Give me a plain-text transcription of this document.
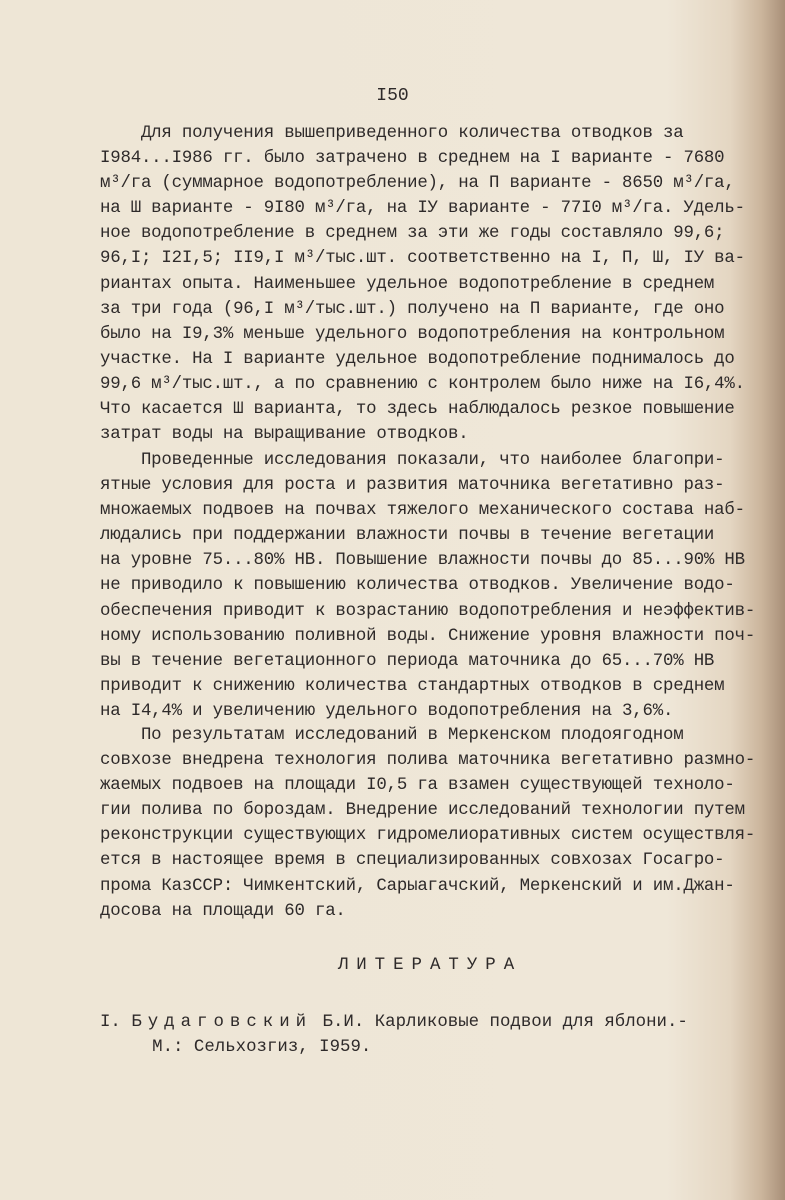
I50
Для получения вышеприведенного количества отводков за
I984...I986 гг. было затрачено в среднем на I варианте - 7680
м³/га (суммарное водопотребление), на П варианте - 8650 м³/га,
на Ш варианте - 9I80 м³/га, на IУ варианте - 77I0 м³/га. Удель-
ное водопотребление в среднем за эти же годы составляло 99,6;
96,I; I2I,5; II9,I м³/тыс.шт. соответственно на I, П, Ш, IУ ва-
риантах опыта. Наименьшее удельное водопотребление в среднем
за три года (96,I м³/тыс.шт.) получено на П варианте, где оно
было на I9,3% меньше удельного водопотребления на контрольном
участке. На I варианте удельное водопотребление поднималось до
99,6 м³/тыс.шт., а по сравнению с контролем было ниже на I6,4%.
Что касается Ш варианта, то здесь наблюдалось резкое повышение
затрат воды на выращивание отводков.
Проведенные исследования показали, что наиболее благопри-
ятные условия для роста и развития маточника вегетативно раз-
множаемых подвоев на почвах тяжелого механического состава наб-
людались при поддержании влажности почвы в течение вегетации
на уровне 75...80% НВ. Повышение влажности почвы до 85...90% НВ
не приводило к повышению количества отводков. Увеличение водо-
обеспечения приводит к возрастанию водопотребления и неэффектив-
ному использованию поливной воды. Снижение уровня влажности поч-
вы в течение вегетационного периода маточника до 65...70% НВ
приводит к снижению количества стандартных отводков в среднем
на I4,4% и увеличению удельного водопотребления на 3,6%.
По результатам исследований в Меркенском плодоягодном
совхозе внедрена технология полива маточника вегетативно размно-
жаемых подвоев на площади I0,5 га взамен существующей техноло-
гии полива по бороздам. Внедрение исследований технологии путем
реконструкции существующих гидромелиоративных систем осуществля-
ется в настоящее время в специализированных совхозах Госагро-
прома КазССР: Чимкентский, Сарыагачский, Меркенский и им.Джан-
досова на площади 60 га.
ЛИТЕРАТУРА
I. Будаговский Б.И. Карликовые подвои для яблони.-
М.: Сельхозгиз, I959.
